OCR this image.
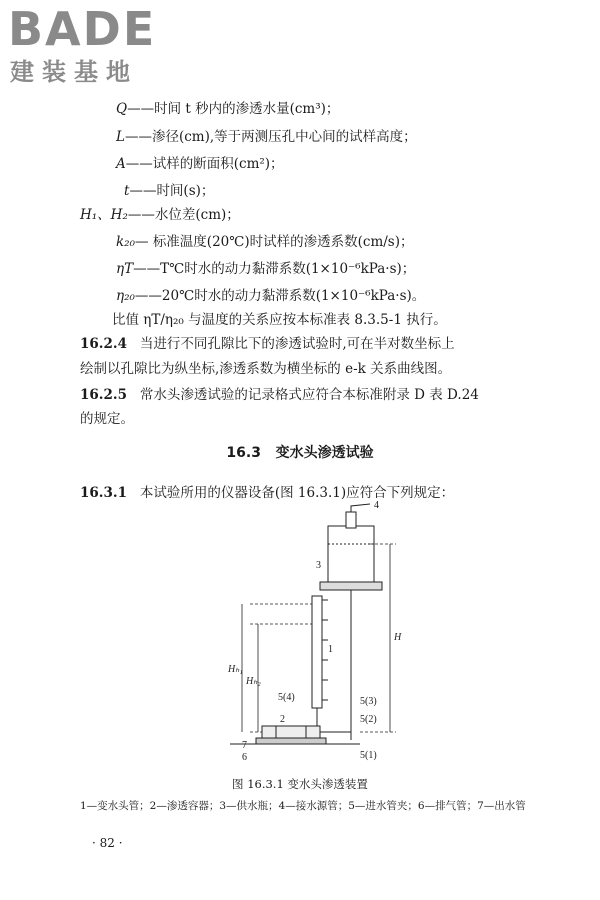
BADE
建装基地
Q——时间 t 秒内的渗透水量(cm³)；
L——渗径(cm),等于两测压孔中心间的试样高度；
A——试样的断面积(cm²)；
t——时间(s)；
H₁、H₂——水位差(cm)；
k₂₀— 标准温度(20℃)时试样的渗透系数(cm/s)；
ηT——T℃时水的动力黏滞系数(1×10⁻⁶kPa·s)；
η₂₀——20℃时水的动力黏滞系数(1×10⁻⁶kPa·s)。
比值 ηT/η₂₀ 与温度的关系应按本标准表 8.3.5-1 执行。
16.2.4 当进行不同孔隙比下的渗透试验时,可在半对数坐标上
绘制以孔隙比为纵坐标,渗透系数为横坐标的 e-k 关系曲线图。
16.2.5 常水头渗透试验的记录格式应符合本标准附录 D 表 D.24
的规定。
16.3 变水头渗透试验
16.3.1 本试验所用的仪器设备(图 16.3.1)应符合下列规定：
4
3
1
H
Hₕ₁
Hₕ₂
5(4)	5(3)
5(2)
2
7
6	5(1)
图 16.3.1 变水头渗透装置
1—变水头管；2—渗透容器；3—供水瓶；4—接水源管；5—进水管夹；6—排气管；7—出水管
· 82 ·
